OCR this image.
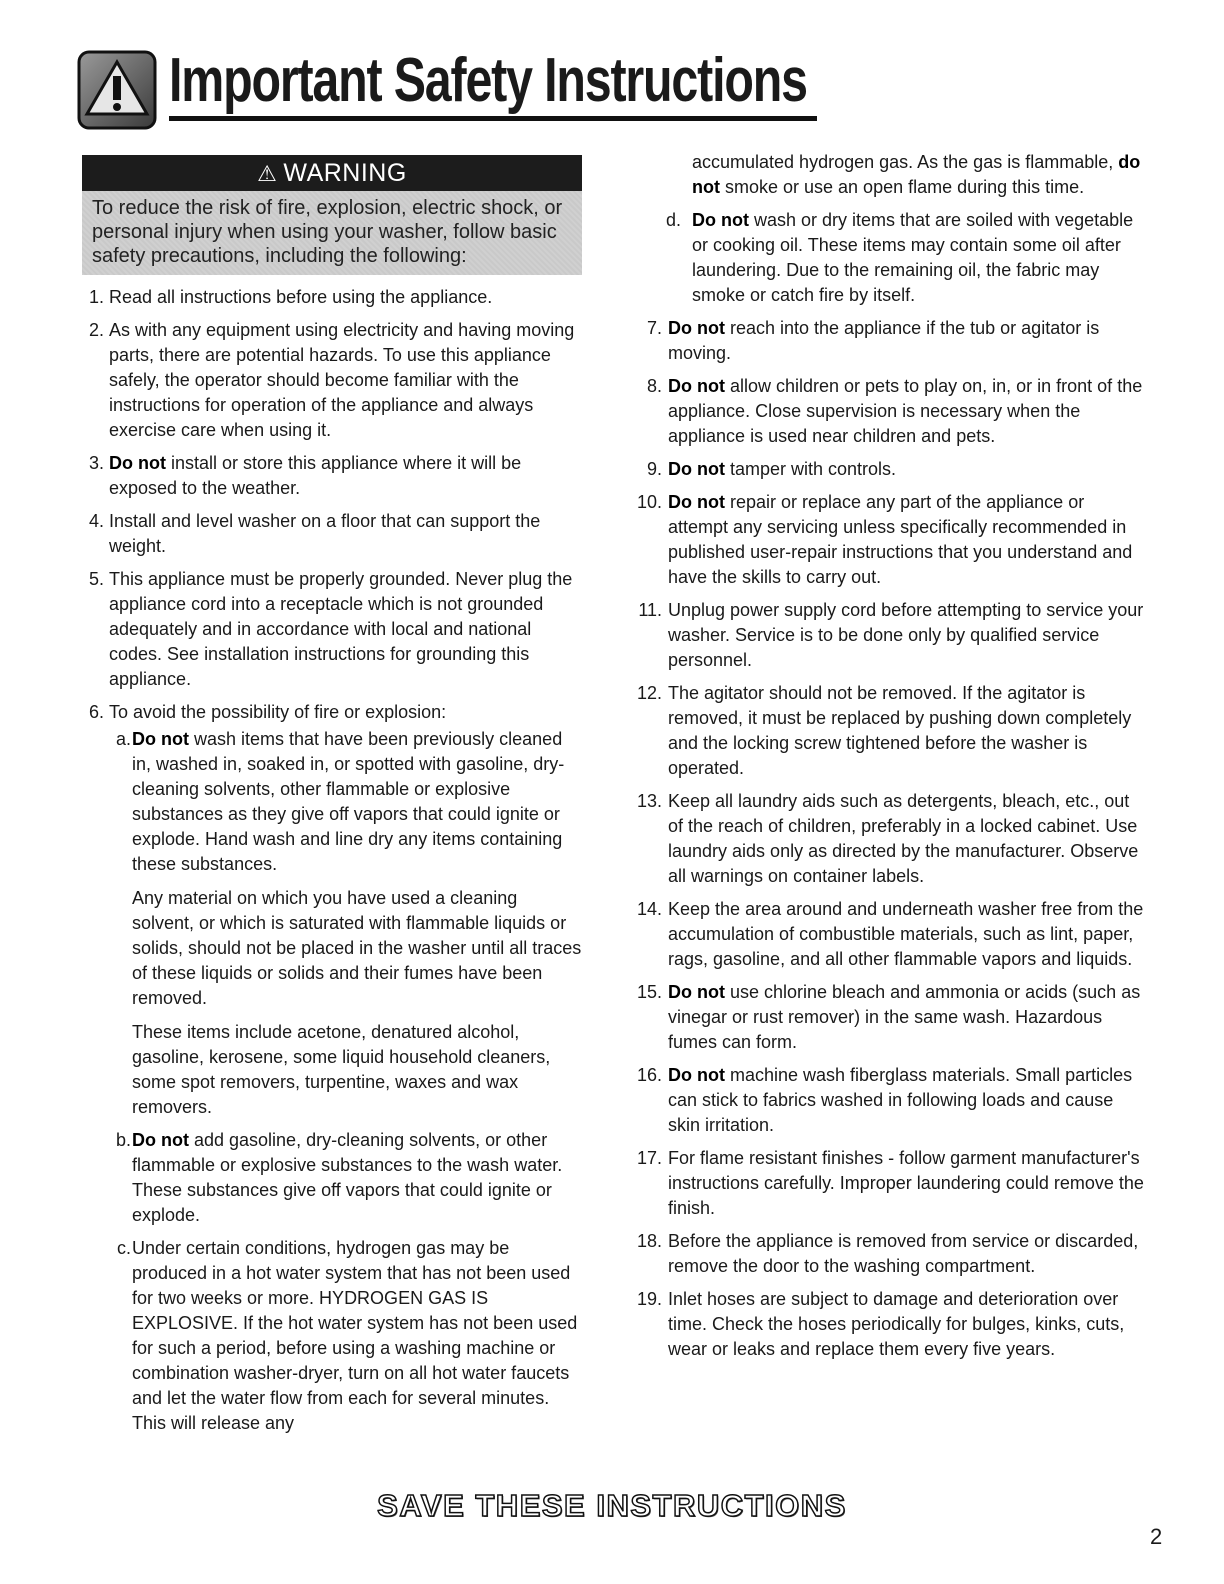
Important Safety Instructions
⚠ WARNING
To reduce the risk of fire, explosion, electric shock, or personal injury when using your washer, follow basic safety precautions, including the following:
1. Read all instructions before using the appliance.
2. As with any equipment using electricity and having moving parts, there are potential hazards. To use this appliance safely, the operator should become familiar with the instructions for operation of the appliance and always exercise care when using it.
3. Do not install or store this appliance where it will be exposed to the weather.
4. Install and level washer on a floor that can support the weight.
5. This appliance must be properly grounded. Never plug the appliance cord into a receptacle which is not grounded adequately and in accordance with local and national codes. See installation instructions for grounding this appliance.
6. To avoid the possibility of fire or explosion:
a. Do not wash items that have been previously cleaned in, washed in, soaked in, or spotted with gasoline, dry-cleaning solvents, other flammable or explosive substances as they give off vapors that could ignite or explode. Hand wash and line dry any items containing these substances.
Any material on which you have used a cleaning solvent, or which is saturated with flammable liquids or solids, should not be placed in the washer until all traces of these liquids or solids and their fumes have been removed.
These items include acetone, denatured alcohol, gasoline, kerosene, some liquid household cleaners, some spot removers, turpentine, waxes and wax removers.
b. Do not add gasoline, dry-cleaning solvents, or other flammable or explosive substances to the wash water. These substances give off vapors that could ignite or explode.
c. Under certain conditions, hydrogen gas may be produced in a hot water system that has not been used for two weeks or more. HYDROGEN GAS IS EXPLOSIVE. If the hot water system has not been used for such a period, before using a washing machine or combination washer-dryer, turn on all hot water faucets and let the water flow from each for several minutes. This will release any
accumulated hydrogen gas. As the gas is flammable, do not smoke or use an open flame during this time.
d. Do not wash or dry items that are soiled with vegetable or cooking oil. These items may contain some oil after laundering. Due to the remaining oil, the fabric may smoke or catch fire by itself.
7. Do not reach into the appliance if the tub or agitator is moving.
8. Do not allow children or pets to play on, in, or in front of the appliance. Close supervision is necessary when the appliance is used near children and pets.
9. Do not tamper with controls.
10. Do not repair or replace any part of the appliance or attempt any servicing unless specifically recommended in published user-repair instructions that you understand and have the skills to carry out.
11. Unplug power supply cord before attempting to service your washer. Service is to be done only by qualified service personnel.
12. The agitator should not be removed. If the agitator is removed, it must be replaced by pushing down completely and the locking screw tightened before the washer is operated.
13. Keep all laundry aids such as detergents, bleach, etc., out of the reach of children, preferably in a locked cabinet. Use laundry aids only as directed by the manufacturer. Observe all warnings on container labels.
14. Keep the area around and underneath washer free from the accumulation of combustible materials, such as lint, paper, rags, gasoline, and all other flammable vapors and liquids.
15. Do not use chlorine bleach and ammonia or acids (such as vinegar or rust remover) in the same wash. Hazardous fumes can form.
16. Do not machine wash fiberglass materials. Small particles can stick to fabrics washed in following loads and cause skin irritation.
17. For flame resistant finishes - follow garment manufacturer's instructions carefully. Improper laundering could remove the finish.
18. Before the appliance is removed from service or discarded, remove the door to the washing compartment.
19. Inlet hoses are subject to damage and deterioration over time. Check the hoses periodically for bulges, kinks, cuts, wear or leaks and replace them every five years.
SAVE THESE INSTRUCTIONS
2
